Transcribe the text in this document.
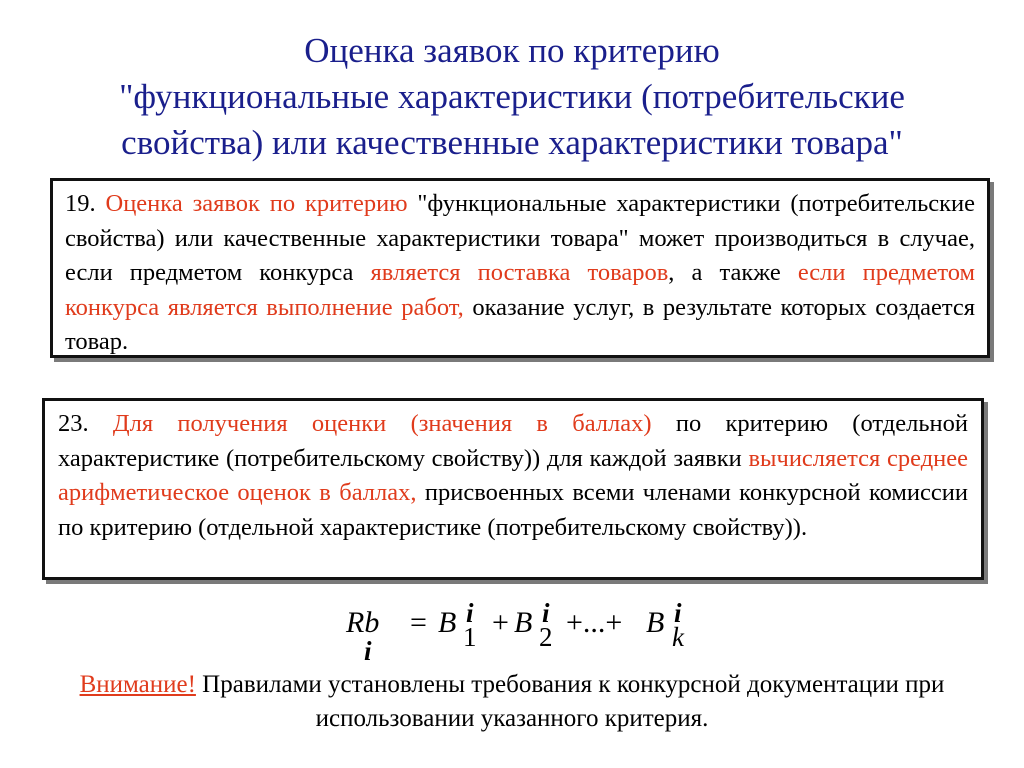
Оценка заявок по критерию
"функциональные характеристики (потребительские
свойства) или качественные характеристики товара"
19. Оценка заявок по критерию "функциональные характеристики (потребительские свойства) или качественные характеристики товара" может производиться в случае, если предметом конкурса является поставка товаров, а также если предметом конкурса является выполнение работ, оказание услуг, в результате которых создается товар.
23. Для получения оценки (значения в баллах) по критерию (отдельной характеристике (потребительскому свойству)) для каждой заявки вычисляется среднее арифметическое оценок в баллах, присвоенных всеми членами конкурсной комиссии по критерию (отдельной характеристике (потребительскому свойству)).
Rb
i
= B i
1 + B i
2 +...+ B i
k
Внимание! Правилами установлены требования к конкурсной документации при использовании указанного критерия.
